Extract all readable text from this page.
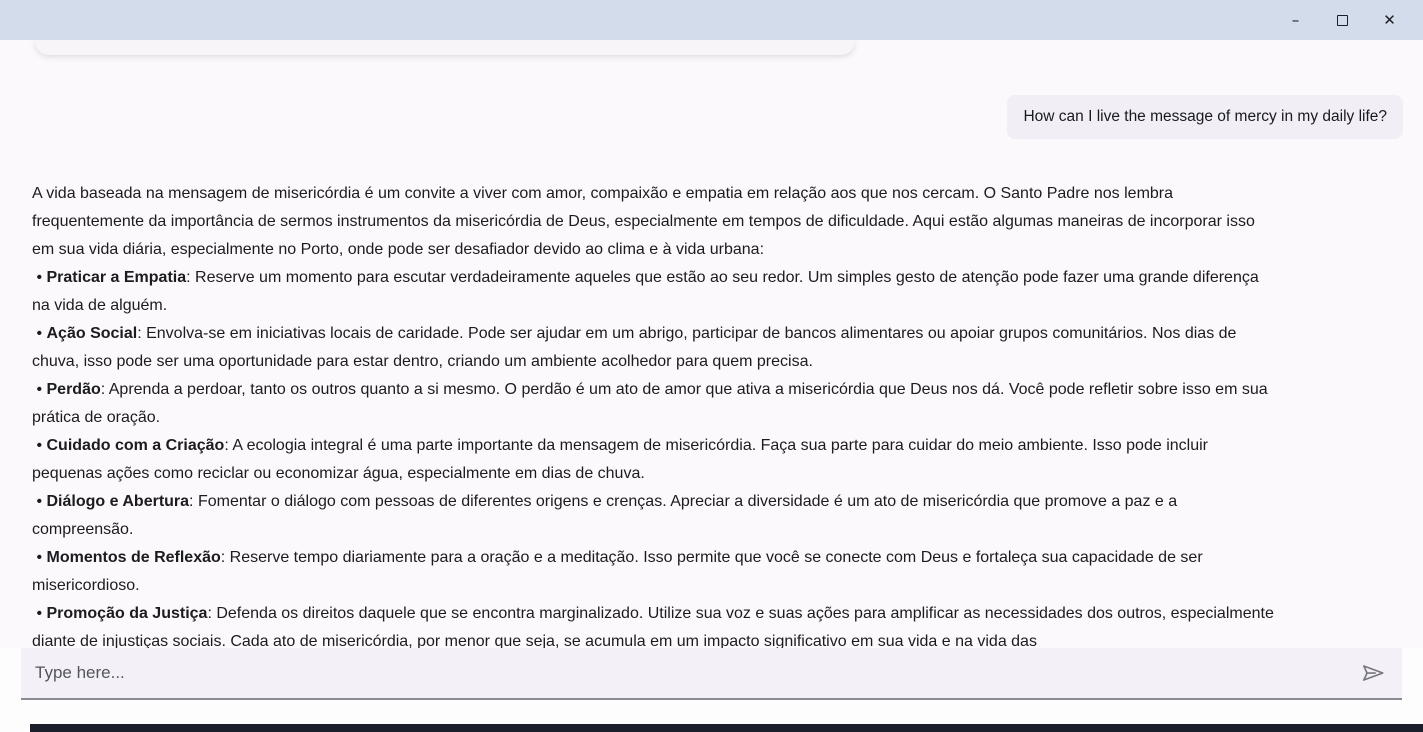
–	✕
How can I live the message of mercy in my daily life?

A vida baseada na mensagem de misericórdia é um convite a viver com amor, compaixão e empatia em relação aos que nos cercam. O Santo Padre nos lembra frequentemente da importância de sermos instrumentos da misericórdia de Deus, especialmente em tempos de dificuldade. Aqui estão algumas maneiras de incorporar isso em sua vida diária, especialmente no Porto, onde pode ser desafiador devido ao clima e à vida urbana:

• Praticar a Empatia: Reserve um momento para escutar verdadeiramente aqueles que estão ao seu redor. Um simples gesto de atenção pode fazer uma grande diferença na vida de alguém.

• Ação Social: Envolva-se em iniciativas locais de caridade. Pode ser ajudar em um abrigo, participar de bancos alimentares ou apoiar grupos comunitários. Nos dias de chuva, isso pode ser uma oportunidade para estar dentro, criando um ambiente acolhedor para quem precisa.

• Perdão: Aprenda a perdoar, tanto os outros quanto a si mesmo. O perdão é um ato de amor que ativa a misericórdia que Deus nos dá. Você pode refletir sobre isso em sua prática de oração.

• Cuidado com a Criação: A ecologia integral é uma parte importante da mensagem de misericórdia. Faça sua parte para cuidar do meio ambiente. Isso pode incluir pequenas ações como reciclar ou economizar água, especialmente em dias de chuva.

• Diálogo e Abertura: Fomentar o diálogo com pessoas de diferentes origens e crenças. Apreciar a diversidade é um ato de misericórdia que promove a paz e a compreensão.

• Momentos de Reflexão: Reserve tempo diariamente para a oração e a meditação. Isso permite que você se conecte com Deus e fortaleça sua capacidade de ser misericordioso.

• Promoção da Justiça: Defenda os direitos daquele que se encontra marginalizado. Utilize sua voz e suas ações para amplificar as necessidades dos outros, especialmente diante de injustiças sociais. Cada ato de misericórdia, por menor que seja, se acumula em um impacto significativo em sua vida e na vida das

Type here...
